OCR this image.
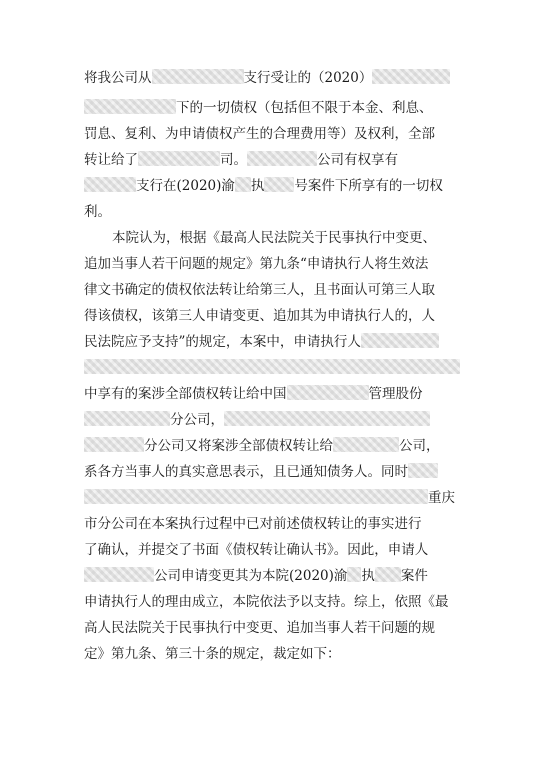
将我公司从	支行受让的（2020）
下的一切债权（包括但不限于本金、利息、
罚息、复利、为申请债权产生的合理费用等）及权利，全部
转让给了	司。	公司有权享有
支行在(2020)渝 执 号案件下所享有的一切权
利。
本院认为，根据《最高人民法院关于民事执行中变更、
追加当事人若干问题的规定》第九条“申请执行人将生效法
律文书确定的债权依法转让给第三人，且书面认可第三人取
得该债权，该第三人申请变更、追加其为申请执行人的，人
民法院应予支持”的规定，本案中，申请执行人
中享有的案涉全部债权转让给中国	管理股份
分公司，
分公司又将案涉全部债权转让给	公司，
系各方当事人的真实意思表示，且已通知债务人。同时
重庆
市分公司在本案执行过程中已对前述债权转让的事实进行
了确认，并提交了书面《债权转让确认书》。因此，申请人
公司申请变更其为本院(2020)渝 执 案件
申请执行人的理由成立，本院依法予以支持。综上，依照《最
高人民法院关于民事执行中变更、追加当事人若干问题的规
定》第九条、第三十条的规定，裁定如下：
